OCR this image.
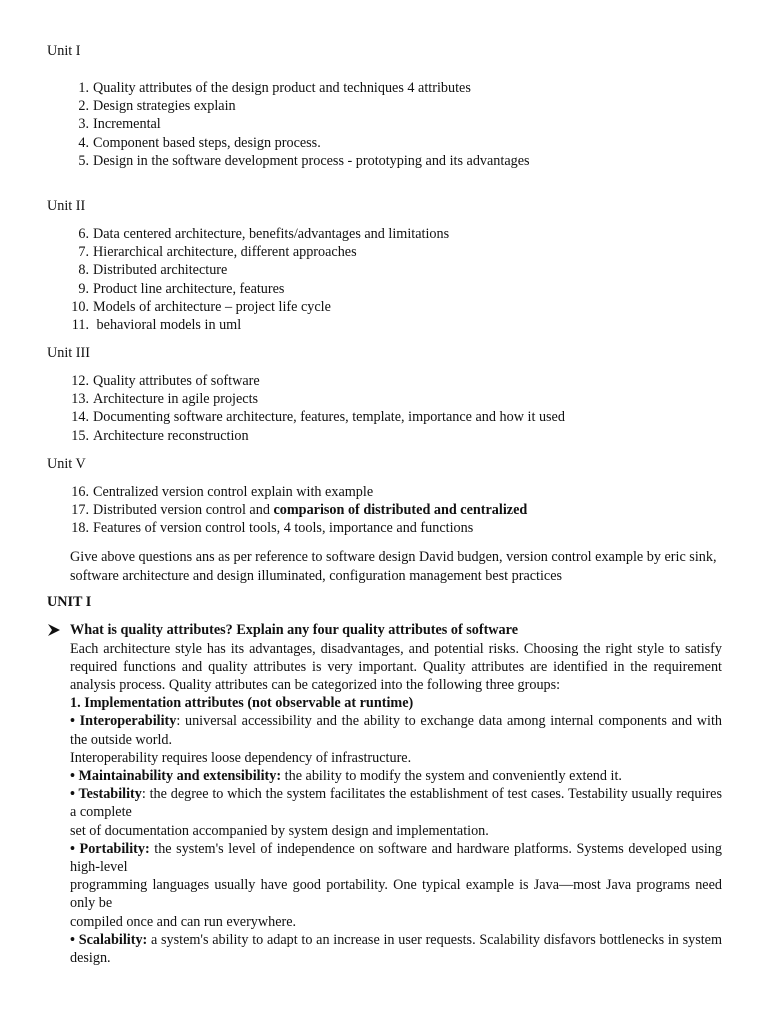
Unit I
1. Quality attributes of the design product and techniques 4 attributes
2. Design strategies explain
3. Incremental
4. Component based steps, design process.
5. Design in the software development process - prototyping and its advantages
Unit II
6. Data centered architecture, benefits/advantages and limitations
7. Hierarchical architecture, different approaches
8. Distributed architecture
9. Product line architecture, features
10. Models of architecture – project life cycle
11. behavioral models in uml
Unit III
12. Quality attributes of software
13. Architecture in agile projects
14. Documenting software architecture, features, template, importance and how it used
15. Architecture reconstruction
Unit V
16. Centralized version control explain with example
17. Distributed version control and comparison of distributed and centralized
18. Features of version control tools, 4 tools, importance and functions

Give above questions ans as per reference to software design David budgen, version control example by eric sink, software architecture and design illuminated, configuration management best practices

UNIT I
What is quality attributes? Explain any four quality attributes of software

Each architecture style has its advantages, disadvantages, and potential risks. Choosing the right style to satisfy required functions and quality attributes is very important. Quality attributes are identified in the requirement analysis process. Quality attributes can be categorized into the following three groups:

1. Implementation attributes (not observable at runtime)

• Interoperability: universal accessibility and the ability to exchange data among internal components and with the outside world.

Interoperability requires loose dependency of infrastructure.

• Maintainability and extensibility: the ability to modify the system and conveniently extend it.

• Testability: the degree to which the system facilitates the establishment of test cases. Testability usually requires a complete

set of documentation accompanied by system design and implementation.

• Portability: the system's level of independence on software and hardware platforms. Systems developed using high-level

programming languages usually have good portability. One typical example is Java—most Java programs need only be

compiled once and can run everywhere.

• Scalability: a system's ability to adapt to an increase in user requests. Scalability disfavors bottlenecks in system design.
